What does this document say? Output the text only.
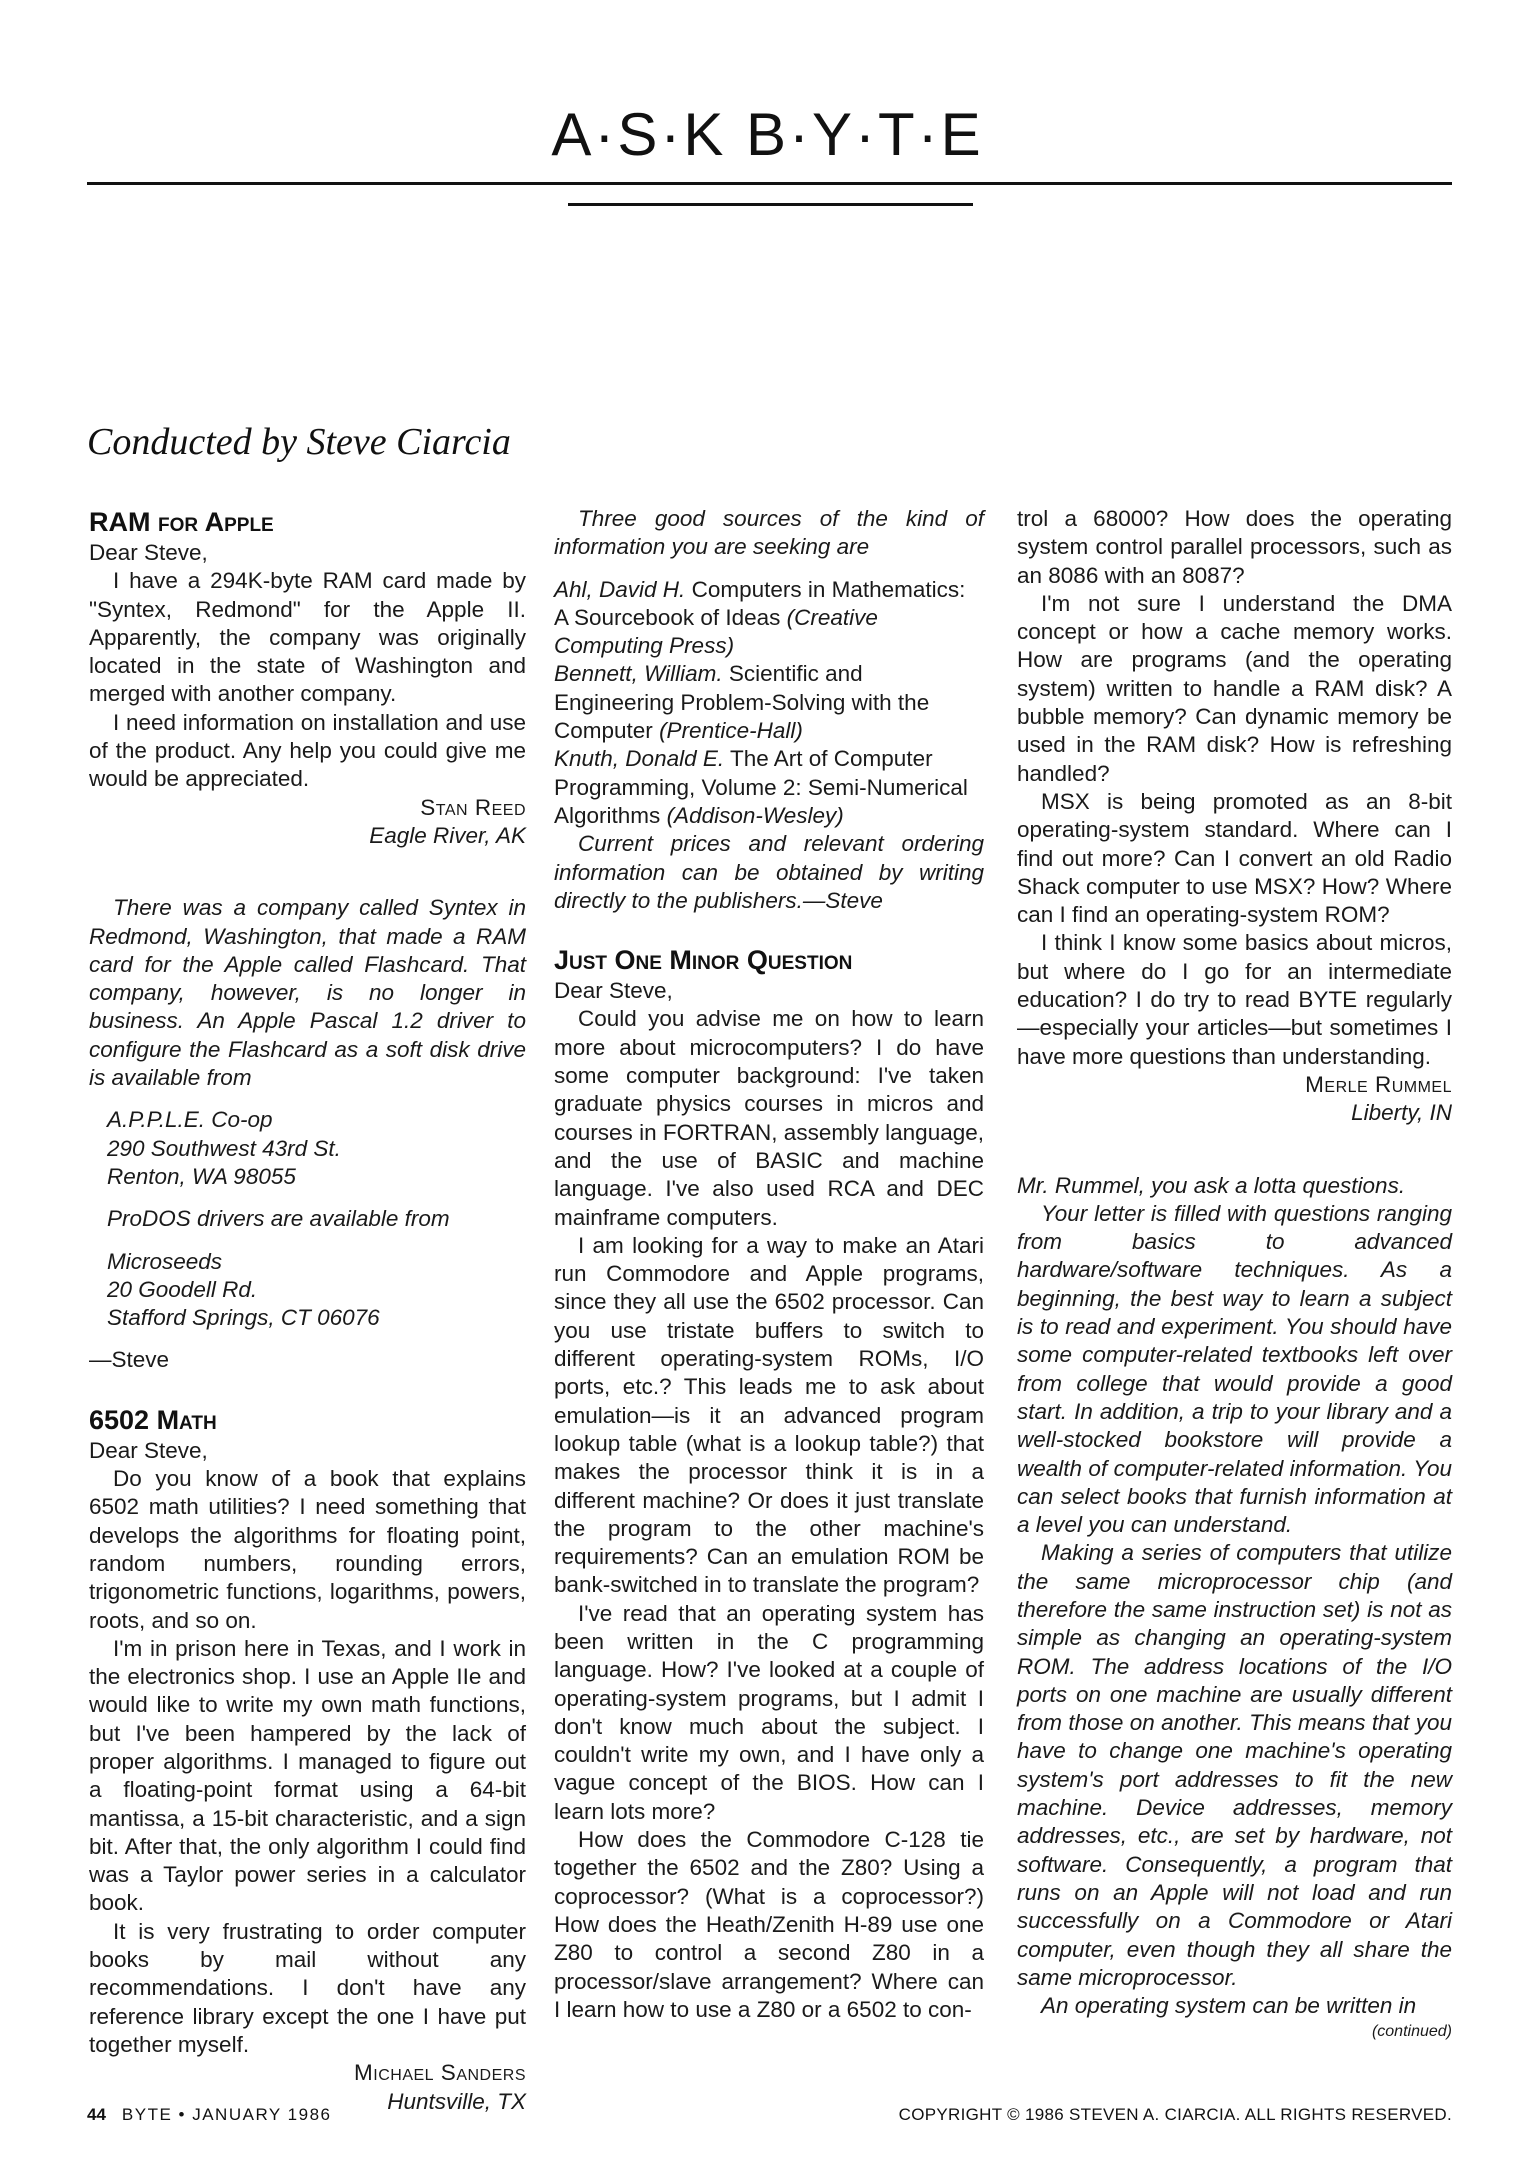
A·S·K B·Y·T·E
Conducted by Steve Ciarcia
RAM for Apple

Dear Steve,

I have a 294K-byte RAM card made by "Syntex, Redmond" for the Apple II. Apparently, the company was originally located in the state of Washington and merged with another company.

I need information on installation and use of the product. Any help you could give me would be appreciated.

Stan Reed

Eagle River, AK

There was a company called Syntex in Redmond, Washington, that made a RAM card for the Apple called Flashcard. That company, however, is no longer in business. An Apple Pascal 1.2 driver to configure the Flashcard as a soft disk drive is available from

A.P.P.L.E. Co-op

290 Southwest 43rd St.

Renton, WA 98055

ProDOS drivers are available from

Microseeds

20 Goodell Rd.

Stafford Springs, CT 06076

—Steve

6502 Math

Dear Steve,

Do you know of a book that explains 6502 math utilities? I need something that develops the algorithms for floating point, random numbers, rounding errors, trigonometric functions, logarithms, powers, roots, and so on.

I'm in prison here in Texas, and I work in the electronics shop. I use an Apple IIe and would like to write my own math functions, but I've been hampered by the lack of proper algorithms. I managed to figure out a floating-point format using a 64-bit mantissa, a 15-bit characteristic, and a sign bit. After that, the only algorithm I could find was a Taylor power series in a calculator book.

It is very frustrating to order computer books by mail without any recommendations. I don't have any reference library except the one I have put together myself.

Michael Sanders

Huntsville, TX

Three good sources of the kind of information you are seeking are

Ahl, David H. Computers in Mathematics: A Sourcebook of Ideas (Creative Computing Press)

Bennett, William. Scientific and Engineering Problem-Solving with the Computer (Prentice-Hall)

Knuth, Donald E. The Art of Computer Programming, Volume 2: Semi-Numerical Algorithms (Addison-Wesley)

Current prices and relevant ordering information can be obtained by writing directly to the publishers.—Steve

Just One Minor Question

Dear Steve,

Could you advise me on how to learn more about microcomputers? I do have some computer background: I've taken graduate physics courses in micros and courses in FORTRAN, assembly language, and the use of BASIC and machine language. I've also used RCA and DEC mainframe computers.

I am looking for a way to make an Atari run Commodore and Apple programs, since they all use the 6502 processor. Can you use tristate buffers to switch to different operating-system ROMs, I/O ports, etc.? This leads me to ask about emulation—is it an advanced program lookup table (what is a lookup table?) that makes the processor think it is in a different machine? Or does it just translate the program to the other machine's requirements? Can an emulation ROM be bank-switched in to translate the program?

I've read that an operating system has been written in the C programming language. How? I've looked at a couple of operating-system programs, but I admit I don't know much about the subject. I couldn't write my own, and I have only a vague concept of the BIOS. How can I learn lots more?

How does the Commodore C-128 tie together the 6502 and the Z80? Using a coprocessor? (What is a coprocessor?) How does the Heath/Zenith H-89 use one Z80 to control a second Z80 in a processor/slave arrangement? Where can I learn how to use a Z80 or a 6502 to con-

trol a 68000? How does the operating system control parallel processors, such as an 8086 with an 8087?

I'm not sure I understand the DMA concept or how a cache memory works. How are programs (and the operating system) written to handle a RAM disk? A bubble memory? Can dynamic memory be used in the RAM disk? How is refreshing handled?

MSX is being promoted as an 8-bit operating-system standard. Where can I find out more? Can I convert an old Radio Shack computer to use MSX? How? Where can I find an operating-system ROM?

I think I know some basics about micros, but where do I go for an intermediate education? I do try to read BYTE regularly—especially your articles—but sometimes I have more questions than understanding.

Merle Rummel

Liberty, IN

Mr. Rummel, you ask a lotta questions.

Your letter is filled with questions ranging from basics to advanced hardware/software techniques. As a beginning, the best way to learn a subject is to read and experiment. You should have some computer-related textbooks left over from college that would provide a good start. In addition, a trip to your library and a well-stocked bookstore will provide a wealth of computer-related information. You can select books that furnish information at a level you can understand.

Making a series of computers that utilize the same microprocessor chip (and therefore the same instruction set) is not as simple as changing an operating-system ROM. The address locations of the I/O ports on one machine are usually different from those on another. This means that you have to change one machine's operating system's port addresses to fit the new machine. Device addresses, memory addresses, etc., are set by hardware, not software. Consequently, a program that runs on an Apple will not load and run successfully on a Commodore or Atari computer, even though they all share the same microprocessor.

An operating system can be written in

(continued)

44 BYTE • JANUARY 1986	COPYRIGHT © 1986 STEVEN A. CIARCIA. ALL RIGHTS RESERVED.
